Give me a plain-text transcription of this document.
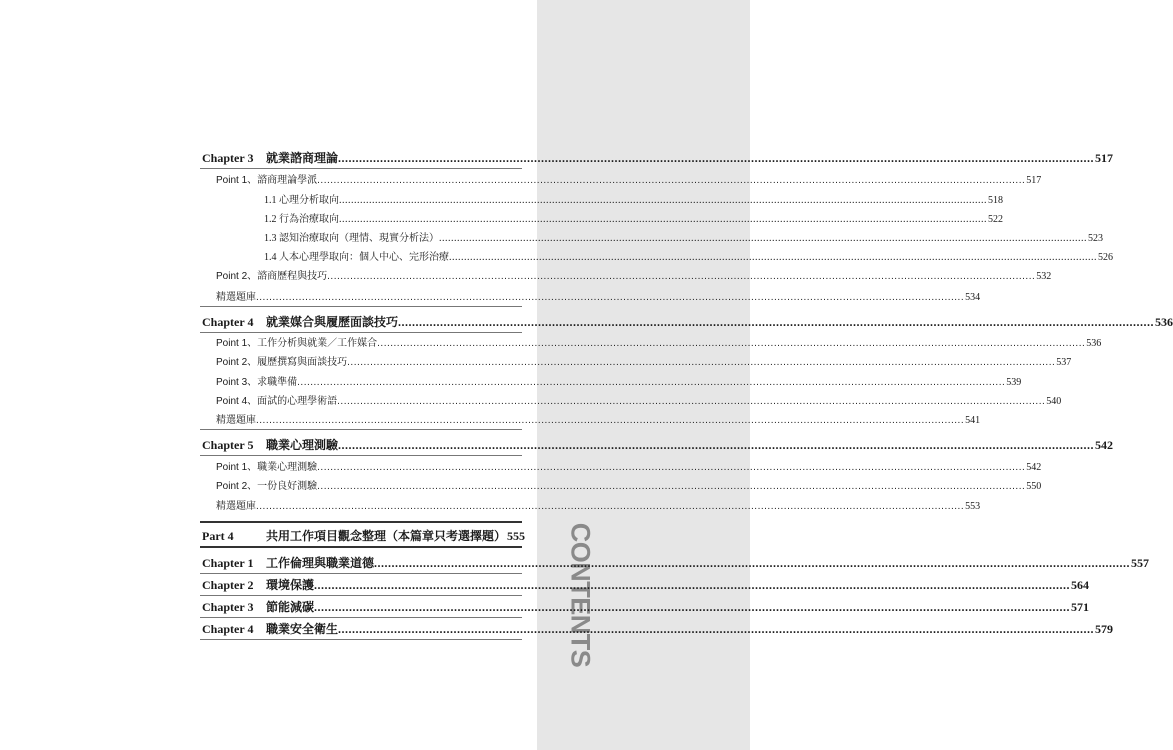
CONTENTS
Chapter 3 就業諮商理論 .....	517
Point 1、諮商理論學派 .....	517
1.1 心理分析取向 .....	518
1.2 行為治療取向 .....	522
1.3 認知治療取向（理情、現實分析法） .....	523
1.4 人本心理學取向：個人中心、完形治療 .....	526
Point 2、諮商歷程與技巧 .....	532
精選題庫 .....	534
Chapter 4 就業媒合與履歷面談技巧 .....	536
Point 1、工作分析與就業／工作媒合 .....	536
Point 2、履歷撰寫與面談技巧 .....	537
Point 3、求職準備 .....	539
Point 4、面試的心理學術語 .....	540
精選題庫 .....	541
Chapter 5 職業心理測驗 .....	542
Point 1、職業心理測驗 .....	542
Point 2、一份良好測驗 .....	550
精選題庫 .....	553
Part 4	共用工作項目觀念整理（本篇章只考選擇題） 555
Chapter 1 工作倫理與職業道德 .....	557
Chapter 2 環境保護 .....	564
Chapter 3 節能減碳 .....	571
Chapter 4 職業安全衛生 .....	579
